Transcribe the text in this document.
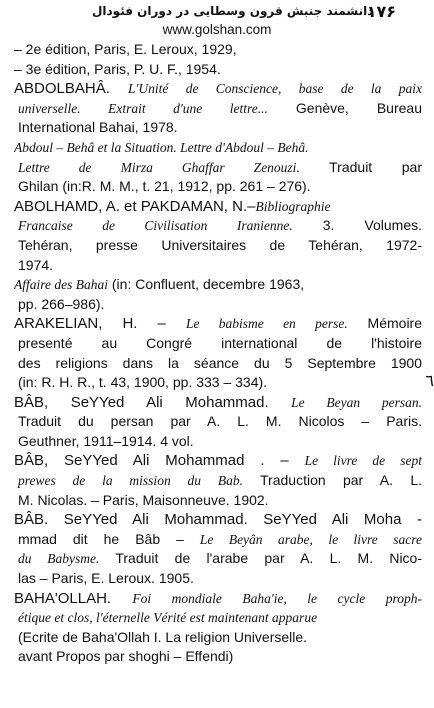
۱۷۶
دانشمند جنبش قرون وسطایی در دوران فئودال
www.golshan.com
– 2e édition, Paris, E. Leroux, 1929,
– 3e édition, Paris, P. U. F., 1954.
ABDOLBAHÂ. L'Unité de Conscience, base de la paix
universelle. Extrait d'une lettre... Genève, Bureau
International Bahai, 1978.
Abdoul – Behâ et la Situation. Lettre d'Abdoul – Behâ.
Lettre de Mirza Ghaffar Zenouzi. Traduit par
Ghilan (in:R. M. M., t. 21, 1912, pp. 261 – 276).
ABOLHAMD, A. et PAKDAMAN, N.–Bibliographie
Francaise de Civilisation Iranienne. 3. Volumes.
Tehéran, presse Universitaires de Tehéran, 1972-
1974.
Affaire des Bahai (in: Confluent, decembre 1963,
pp. 266–986).
ARAKELIAN, H. – Le babisme en perse. Mémoire
presenté au Congré international de l'histoire
des religions dans la séance du 5 Septembre 1900
(in: R. H. R., t. 43, 1900, pp. 333 – 334).
BÂB, SeYYed Ali Mohammad. Le Beyan persan.
Traduit du persan par A. L. M. Nicolos – Paris.
Geuthner, 1911–1914. 4 vol.
BÂB, SeYYed Ali Mohammad . – Le livre de sept
prewes de la mission du Bab. Traduction par A. L.
M. Nicolas. – Paris, Maisonneuve. 1902.
BÂB. SeYYed Ali Mohammad. SeYYed Ali Moha -
mmad dit he Bâb – Le Beyân arabe, le livre sacre
du Babysme. Traduit de l'arabe par A. L. M. Nico-
las – Paris, E. Leroux. 1905.
BAHA'OLLAH. Foi mondiale Baha'ie, le cycle proph-
étique et clos, l'éternelle Vérité est maintenant apparue
(Ecrite de Baha'Ollah I. La religion Universelle.
avant Propos par shoghi – Effendi)
٦
